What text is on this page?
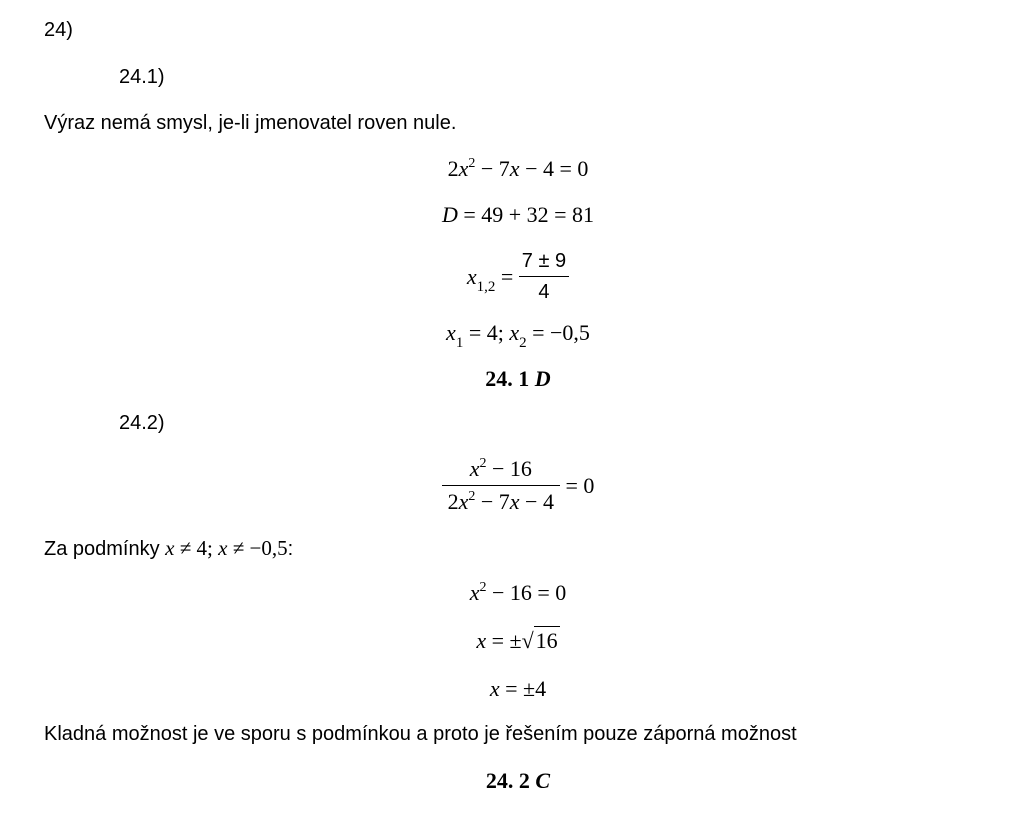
24)
24.1)
Výraz nemá smysl, je-li jmenovatel roven nule.
$2x^2 - 7x - 4 = 0$
D = 49 + 32 = 81
$x_{1,2} = \frac{7 \pm 9}{4}$
$x_1 = 4$; $x_2 = -0,5$
24. 1 D
24.2)
$\frac{x^2 - 16}{2x^2 - 7x - 4} = 0$
Za podmínky x ≠ 4; x ≠ −0,5:
$x^2 - 16 = 0$
x = ±√16
x = ±4
Kladná možnost je ve sporu s podmínkou a proto je řešením pouze záporná možnost
24. 2 C
